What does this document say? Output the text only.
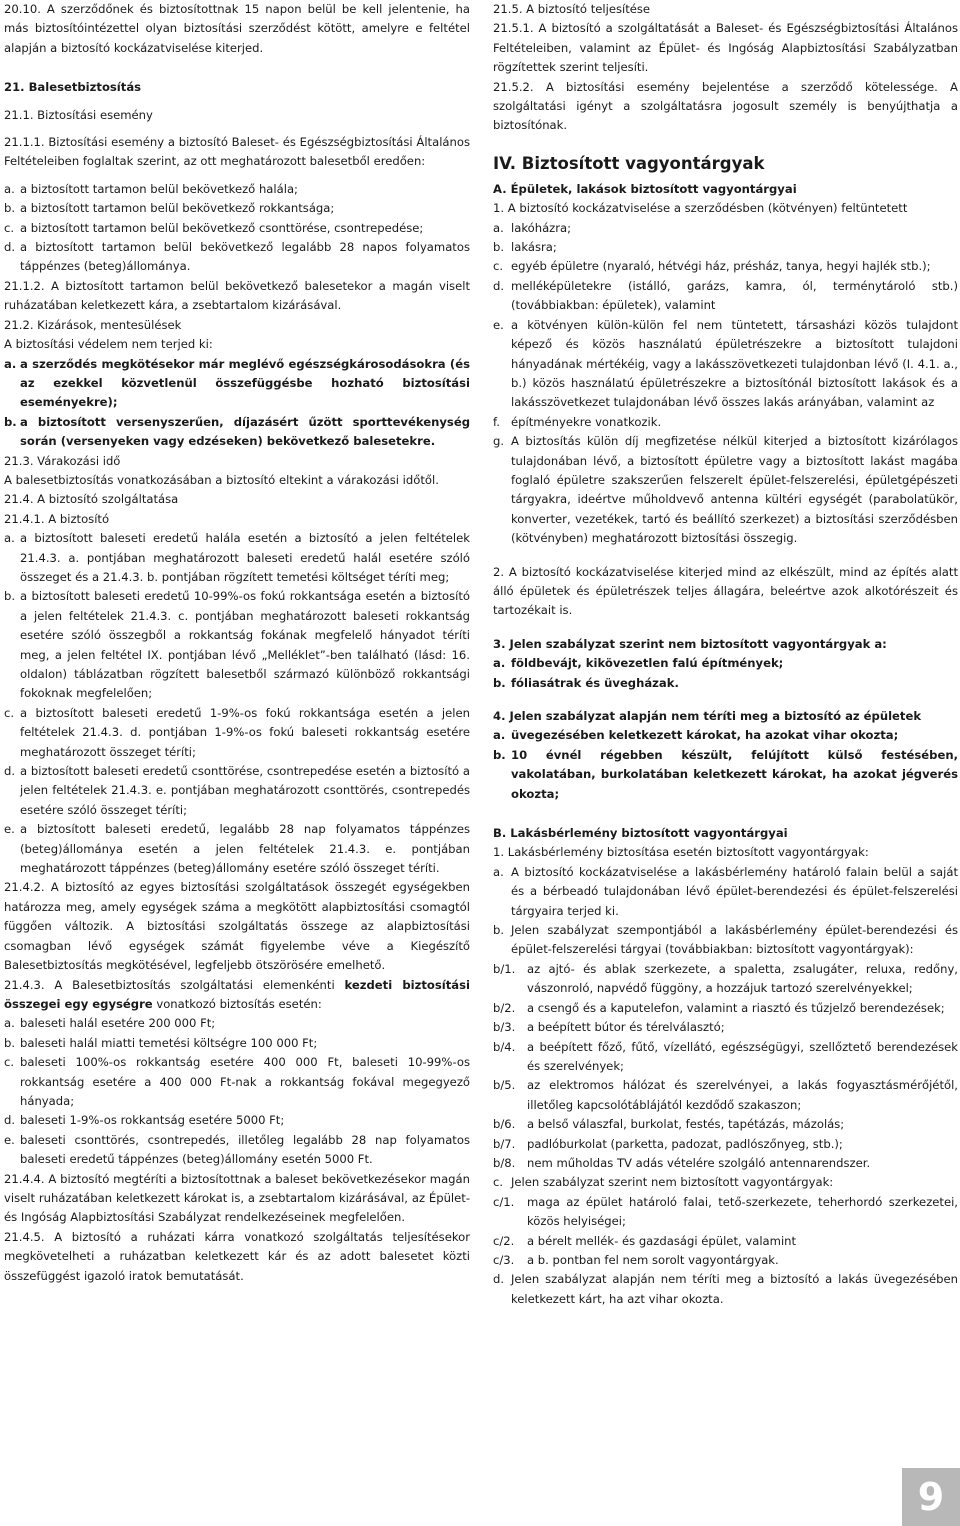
20.10. A szerződőnek és biztosítottnak 15 napon belül be kell jelentenie, ha más biztosítóintézettel olyan biztosítási szerződést kötött, amelyre e feltétel alapján a biztosító kockázatviselése kiterjed.

21. Balesetbiztosítás

21.1. Biztosítási esemény

21.1.1. Biztosítási esemény a biztosító Baleset- és Egészségbiztosítási Általános Feltételeiben foglaltak szerint, az ott meghatározott balesetből eredően:

a. a biztosított tartamon belül bekövetkező halála;
b. a biztosított tartamon belül bekövetkező rokkantsága;
c. a biztosított tartamon belül bekövetkező csonttörése, csontrepedése;
d. a biztosított tartamon belül bekövetkező legalább 28 napos folyamatos táppénzes (beteg)állománya.

21.1.2. A biztosított tartamon belül bekövetkező balesetekor a magán viselt ruházatában keletkezett kára, a zsebtartalom kizárásával.

21.2. Kizárások, mentesülések

A biztosítási védelem nem terjed ki:

a. a szerződés megkötésekor már meglévő egészségkárosodásokra (és az ezekkel közvetlenül összefüggésbe hozható biztosítási eseményekre);
b. a biztosított versenyszerűen, díjazásért űzött sporttevékenység során (versenyeken vagy edzéseken) bekövetkező balesetekre.

21.3. Várakozási idő

A balesetbiztosítás vonatkozásában a biztosító eltekint a várakozási időtől.

21.4. A biztosító szolgáltatása

21.4.1. A biztosító

a. a biztosított baleseti eredetű halála esetén a biztosító a jelen feltételek 21.4.3. a. pontjában meghatározott baleseti eredetű halál esetére szóló összeget és a 21.4.3. b. pontjában rögzített temetési költséget téríti meg;
b. a biztosított baleseti eredetű 10-99%-os fokú rokkantsága esetén a biztosító a jelen feltételek 21.4.3. c. pontjában meghatározott baleseti rokkantság esetére szóló összegből a rokkantság fokának megfelelő hányadot téríti meg, a jelen feltétel IX. pontjában lévő „Melléklet”-ben található (lásd: 16. oldalon) táblázatban rögzített balesetből származó különböző rokkantsági fokoknak megfelelően;
c. a biztosított baleseti eredetű 1-9%-os fokú rokkantsága esetén a jelen feltételek 21.4.3. d. pontjában 1-9%-os fokú baleseti rokkantság esetére meghatározott összeget téríti;
d. a biztosított baleseti eredetű csonttörése, csontrepedése esetén a biztosító a jelen feltételek 21.4.3. e. pontjában meghatározott csonttörés, csontrepedés esetére szóló összeget téríti;
e. a biztosított baleseti eredetű, legalább 28 nap folyamatos táppénzes (beteg)állománya esetén a jelen feltételek 21.4.3. e. pontjában meghatározott táppénzes (beteg)állomány esetére szóló összeget téríti.

21.4.2. A biztosító az egyes biztosítási szolgáltatások összegét egységekben határozza meg, amely egységek száma a megkötött alapbiztosítási csomagtól függően változik. A biztosítási szolgáltatás összege az alapbiztosítási csomagban lévő egységek számát figyelembe véve a Kiegészítő Balesetbiztosítás megkötésével, legfeljebb ötszörösére emelhető.

21.4.3. A Balesetbiztosítás szolgáltatási elemenkénti kezdeti biztosítási összegei egy egységre vonatkozó biztosítás esetén:

a. baleseti halál esetére 200 000 Ft;
b. baleseti halál miatti temetési költségre 100 000 Ft;
c. baleseti 100%-os rokkantság esetére 400 000 Ft, baleseti 10-99%-os rokkantság esetére a 400 000 Ft-nak a rokkantság fokával megegyező hányada;
d. baleseti 1-9%-os rokkantság esetére 5000 Ft;
e. baleseti csonttörés, csontrepedés, illetőleg legalább 28 nap folyamatos baleseti eredetű táppénzes (beteg)állomány esetén 5000 Ft.

21.4.4. A biztosító megtéríti a biztosítottnak a baleset bekövetkezésekor magán viselt ruházatában keletkezett károkat is, a zsebtartalom kizárásával, az Épület- és Ingóság Alapbiztosítási Szabályzat rendelkezéseinek megfelelően.

21.4.5. A biztosító a ruházati kárra vonatkozó szolgáltatás teljesítésekor megkövetelheti a ruházatban keletkezett kár és az adott balesetet közti összefüggést igazoló iratok bemutatását.

21.5. A biztosító teljesítése

21.5.1. A biztosító a szolgáltatását a Baleset- és Egészségbiztosítási Általános Feltételeiben, valamint az Épület- és Ingóság Alapbiztosítási Szabályzatban rögzítettek szerint teljesíti.

21.5.2. A biztosítási esemény bejelentése a szerződő kötelessége. A szolgáltatási igényt a szolgáltatásra jogosult személy is benyújthatja a biztosítónak.

IV. Biztosított vagyontárgyak

A. Épületek, lakások biztosított vagyontárgyai

1. A biztosító kockázatviselése a szerződésben (kötvényen) feltüntetett

a. lakóházra;
b. lakásra;
c. egyéb épületre (nyaraló, hétvégi ház, présház, tanya, hegyi hajlék stb.);
d. melléképületekre (istálló, garázs, kamra, ól, terménytároló stb.) (továbbiakban: épületek), valamint
e. a kötvényen külön-külön fel nem tüntetett, társasházi közös tulajdont képező és közös használatú épületrészekre a biztosított tulajdoni hányadának mértékéig, vagy a lakásszövetkezeti tulajdonban lévő (I. 4.1. a., b.) közös használatú épületrészekre a biztosítónál biztosított lakások és a lakásszövetkezet tulajdonában lévő összes lakás arányában, valamint az
f. építményekre vonatkozik.
g. A biztosítás külön díj megfizetése nélkül kiterjed a biztosított kizárólagos tulajdonában lévő, a biztosított épületre vagy a biztosított lakást magába foglaló épületre szakszerűen felszerelt épület-felszerelési, épületgépészeti tárgyakra, ideértve műholdvevő antenna kültéri egységét (parabolatükör, konverter, vezetékek, tartó és beállító szerkezet) a biztosítási szerződésben (kötvényben) meghatározott biztosítási összegig.

2. A biztosító kockázatviselése kiterjed mind az elkészült, mind az építés alatt álló épületek és épületrészek teljes állagára, beleértve azok alkotórészeit és tartozékait is.

3. Jelen szabályzat szerint nem biztosított vagyontárgyak a:

a. földbevájt, kikövezetlen falú építmények;
b. fóliasátrak és üvegházak.

4. Jelen szabályzat alapján nem téríti meg a biztosító az épületek

a. üvegezésében keletkezett károkat, ha azokat vihar okozta;
b. 10 évnél régebben készült, felújított külső festésében, vakolatában, burkolatában keletkezett károkat, ha azokat jégverés okozta;

B. Lakásbérlemény biztosított vagyontárgyai

1. Lakásbérlemény biztosítása esetén biztosított vagyontárgyak:

a. A biztosító kockázatviselése a lakásbérlemény határoló falain belül a saját és a bérbeadó tulajdonában lévő épület-berendezési és épület-felszerelési tárgyaira terjed ki.
b. Jelen szabályzat szempontjából a lakásbérlemény épület-berendezési és épület-felszerelési tárgyai (továbbiakban: biztosított vagyontárgyak):
b/1.	az ajtó- és ablak szerkezete, a spaletta, zsalugáter, reluxa, redőny, vászonroló, napvédő függöny, a hozzájuk tartozó szerelvényekkel;
b/2.	a csengő és a kaputelefon, valamint a riasztó és tűzjelző berendezések;
b/3.	a beépített bútor és térelválasztó;
b/4.	a beépített főző, fűtő, vízellátó, egészségügyi, szellőztető berendezések és szerelvények;
b/5.	az elektromos hálózat és szerelvényei, a lakás fogyasztásmérőjétől, illetőleg kapcsolótáblájától kezdődő szakaszon;
b/6.	a belső válaszfal, burkolat, festés, tapétázás, mázolás;
b/7.	padlóburkolat (parketta, padozat, padlószőnyeg, stb.);
b/8.	nem műholdas TV adás vételére szolgáló antennarendszer.
c. Jelen szabályzat szerint nem biztosított vagyontárgyak:
c/1.	maga az épület határoló falai, tető-szerkezete, teherhordó szerkezetei, közös helyiségei;
c/2.	a bérelt mellék- és gazdasági épület, valamint
c/3.	a b. pontban fel nem sorolt vagyontárgyak.
d. Jelen szabályzat alapján nem téríti meg a biztosító a lakás üvegezésében keletkezett kárt, ha azt vihar okozta.
9
